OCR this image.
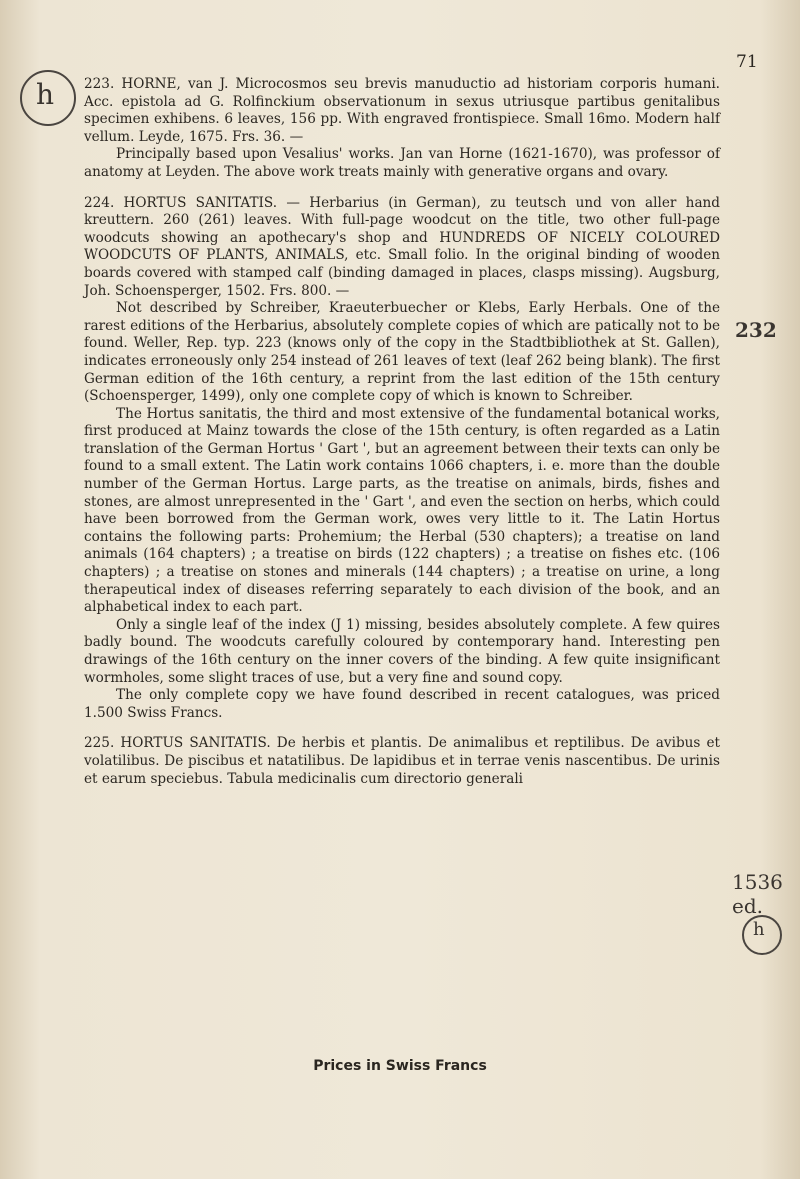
h
232
1536 ed.
h
71

223. HORNE, van J. Microcosmos seu brevis manuductio ad historiam corporis humani. Acc. epistola ad G. Rolfinckium observationum in sexus utriusque partibus genitalibus specimen exhibens. 6 leaves, 156 pp. With engraved frontispiece. Small 16mo. Modern half vellum. Leyde, 1675. Frs. 36. —

Principally based upon Vesalius' works. Jan van Horne (1621-1670), was professor of anatomy at Leyden. The above work treats mainly with generative organs and ovary.

224. HORTUS SANITATIS. — Herbarius (in German), zu teutsch und von aller hand kreuttern. 260 (261) leaves. With full-page woodcut on the title, two other full-page woodcuts showing an apothecary's shop and HUNDREDS OF NICELY COLOURED WOODCUTS OF PLANTS, ANIMALS, etc. Small folio. In the original binding of wooden boards covered with stamped calf (binding damaged in places, clasps missing). Augsburg, Joh. Schoensperger, 1502. Frs. 800. —

Not described by Schreiber, Kraeuterbuecher or Klebs, Early Herbals. One of the rarest editions of the Herbarius, absolutely complete copies of which are patically not to be found. Weller, Rep. typ. 223 (knows only of the copy in the Stadtbibliothek at St. Gallen), indicates erroneously only 254 instead of 261 leaves of text (leaf 262 being blank). The first German edition of the 16th century, a reprint from the last edition of the 15th century (Schoensperger, 1499), only one complete copy of which is known to Schreiber.

The Hortus sanitatis, the third and most extensive of the fundamental botanical works, first produced at Mainz towards the close of the 15th century, is often regarded as a Latin translation of the German Hortus ' Gart ', but an agreement between their texts can only be found to a small extent. The Latin work contains 1066 chapters, i. e. more than the double number of the German Hortus. Large parts, as the treatise on animals, birds, fishes and stones, are almost unrepresented in the ' Gart ', and even the section on herbs, which could have been borrowed from the German work, owes very little to it. The Latin Hortus contains the following parts: Prohemium; the Herbal (530 chapters); a treatise on land animals (164 chapters) ; a treatise on birds (122 chapters) ; a treatise on fishes etc. (106 chapters) ; a treatise on stones and minerals (144 chapters) ; a treatise on urine, a long therapeutical index of diseases referring separately to each division of the book, and an alphabetical index to each part.

Only a single leaf of the index (J 1) missing, besides absolutely complete. A few quires badly bound. The woodcuts carefully coloured by contemporary hand. Interesting pen drawings of the 16th century on the inner covers of the binding. A few quite insignificant wormholes, some slight traces of use, but a very fine and sound copy.

The only complete copy we have found described in recent catalogues, was priced 1.500 Swiss Francs.

225. HORTUS SANITATIS. De herbis et plantis. De animalibus et reptilibus. De avibus et volatilibus. De piscibus et natatilibus. De lapidibus et in terrae venis nascentibus. De urinis et earum speciebus. Tabula medicinalis cum directorio generali

Prices in Swiss Francs
